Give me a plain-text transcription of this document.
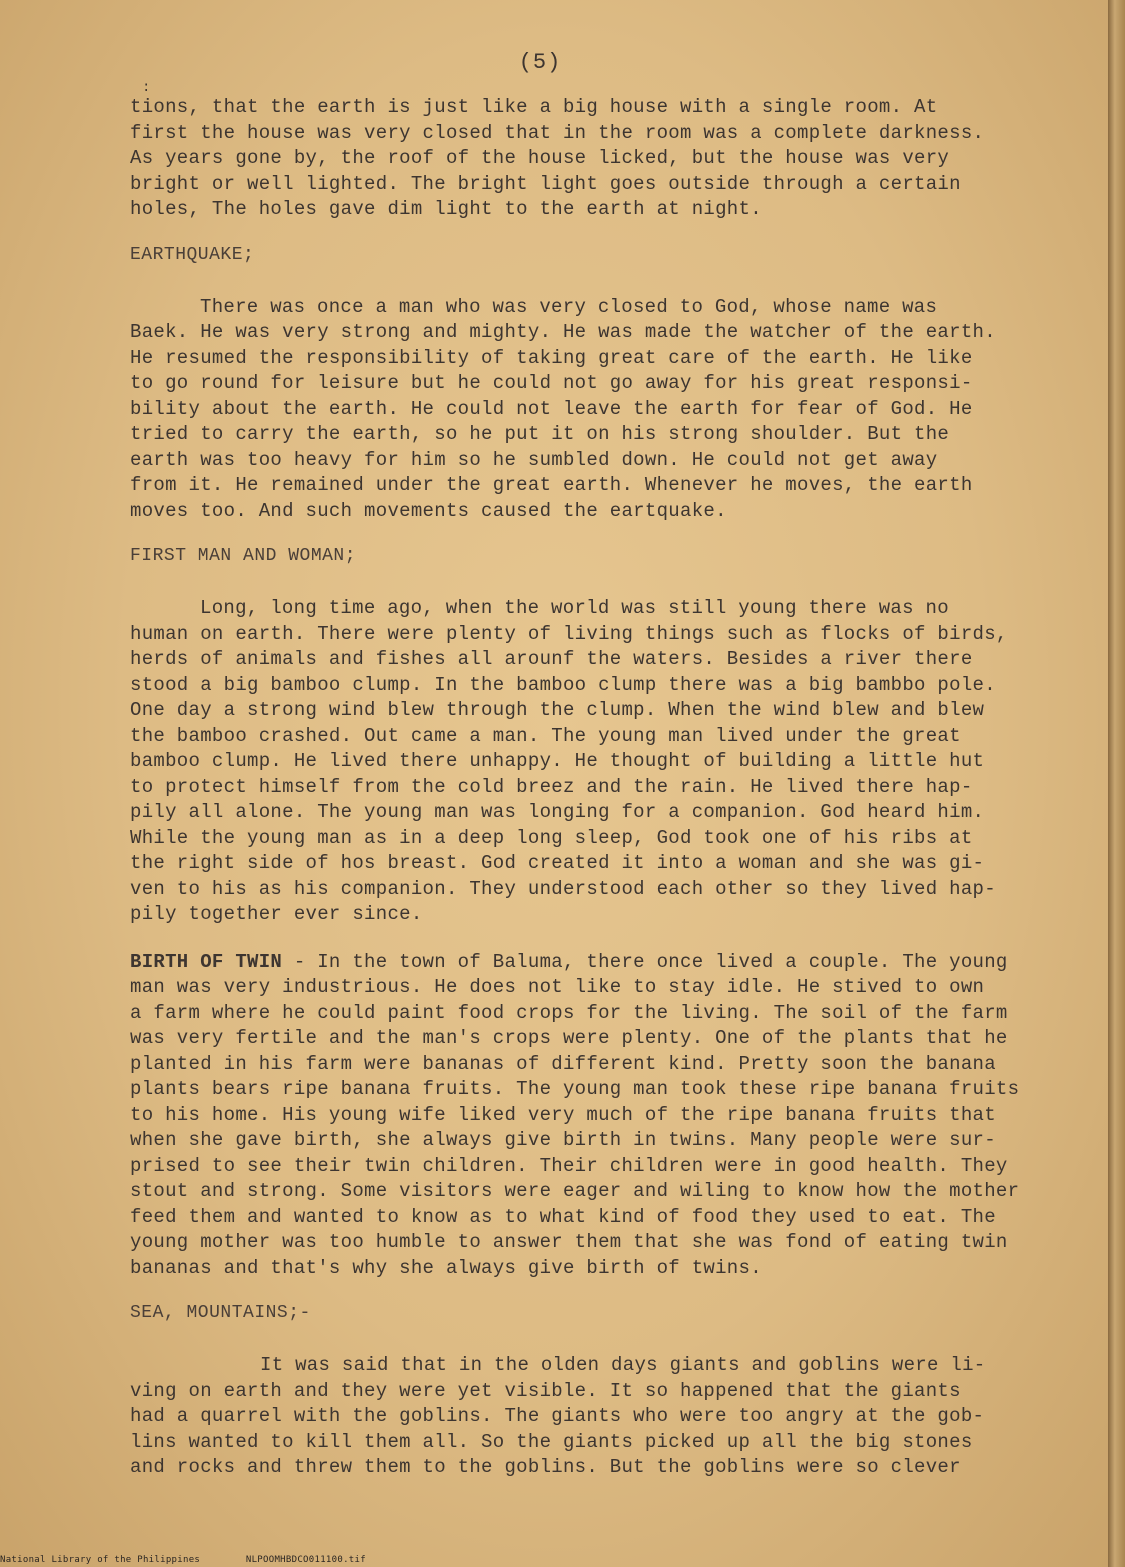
(5)
:
tions, that the earth is just like a big house with a single room. At
first the house was very closed that in the room was a complete darkness.
As years gone by, the roof of the house licked, but the house was very
bright or well lighted. The bright light goes outside through a certain
holes, The holes gave dim light to the earth at night.
EARTHQUAKE;
There was once a man who was very closed to God, whose name was
Baek. He was very strong and mighty. He was made the watcher of the earth.
He resumed the responsibility of taking great care of the earth. He like
to go round for leisure but he could not go away for his great responsi-
bility about the earth. He could not leave the earth for fear of God. He
tried to carry the earth, so he put it on his strong shoulder. But the
earth was too heavy for him so he sumbled down. He could not get away
from it. He remained under the great earth. Whenever he moves, the earth
moves too. And such movements caused the eartquake.
FIRST MAN AND WOMAN;
Long, long time ago, when the world was still young there was no
human on earth. There were plenty of living things such as flocks of birds,
herds of animals and fishes all arounf the waters. Besides a river there
stood a big bamboo clump. In the bamboo clump there was a big bambbo pole.
One day a strong wind blew through the clump. When the wind blew and blew
the bamboo crashed. Out came a man. The young man lived under the great
bamboo clump. He lived there unhappy. He thought of building a little hut
to protect himself from the cold breez and the rain. He lived there hap-
pily all alone. The young man was longing for a companion. God heard him.
While the young man as in a deep long sleep, God took one of his ribs at
the right side of hos breast. God created it into a woman and she was gi-
ven to his as his companion. They understood each other so they lived hap-
pily together ever since.
BIRTH OF TWIN - In the town of Baluma, there once lived a couple. The young
man was very industrious. He does not like to stay idle. He stived to own
a farm where he could paint food crops for the living. The soil of the farm
was very fertile and the man's crops were plenty. One of the plants that he
planted in his farm were bananas of different kind. Pretty soon the banana
plants bears ripe banana fruits. The young man took these ripe banana fruits
to his home. His young wife liked very much of the ripe banana fruits that
when she gave birth, she always give birth in twins. Many people were sur-
prised to see their twin children. Their children were in good health. They
stout and strong. Some visitors were eager and wiling to know how the mother
feed them and wanted to know as to what kind of food they used to eat. The
young mother was too humble to answer them that she was fond of eating twin
bananas and that's why she always give birth of twins.
SEA, MOUNTAINS;-
It was said that in the olden days giants and goblins were li-
ving on earth and they were yet visible. It so happened that the giants
had a quarrel with the goblins. The giants who were too angry at the gob-
lins wanted to kill them all. So the giants picked up all the big stones
and rocks and threw them to the goblins. But the goblins were so clever
National Library of the Philippines	NLPOOMHBDCO011100.tif
